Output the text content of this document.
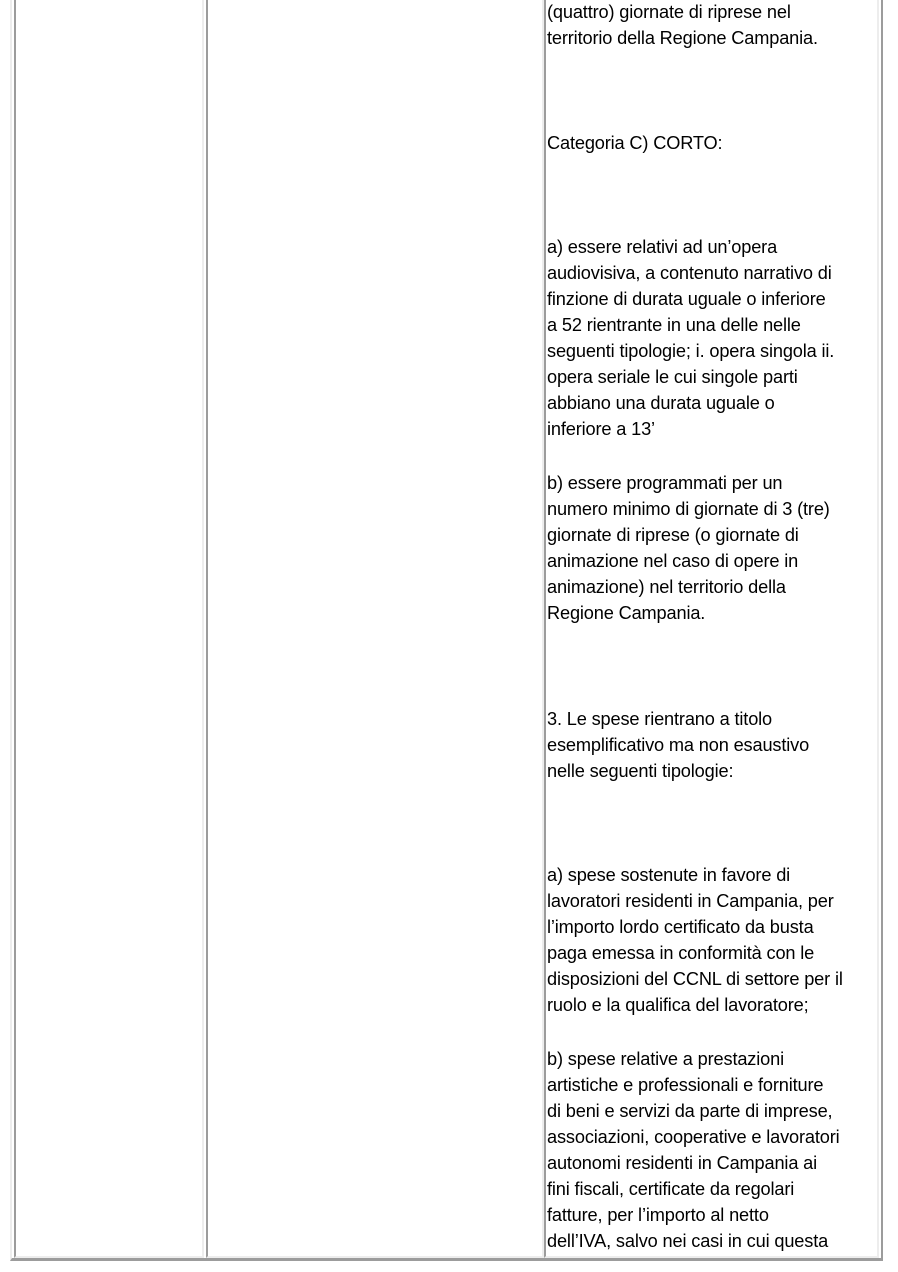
(quattro) giornate di riprese nel
territorio della Regione Campania.
Categoria C) CORTO:
a) essere relativi ad un’opera
audiovisiva, a contenuto narrativo di
finzione di durata uguale o inferiore
a 52 rientrante in una delle nelle
seguenti tipologie; i. opera singola ii.
opera seriale le cui singole parti
abbiano una durata uguale o
inferiore a 13’
b) essere programmati per un
numero minimo di giornate di 3 (tre)
giornate di riprese (o giornate di
animazione nel caso di opere in
animazione) nel territorio della
Regione Campania.
3. Le spese rientrano a titolo
esemplificativo ma non esaustivo
nelle seguenti tipologie:
a) spese sostenute in favore di
lavoratori residenti in Campania, per
l’importo lordo certificato da busta
paga emessa in conformità con le
disposizioni del CCNL di settore per il
ruolo e la qualifica del lavoratore;
b) spese relative a prestazioni
artistiche e professionali e forniture
di beni e servizi da parte di imprese,
associazioni, cooperative e lavoratori
autonomi residenti in Campania ai
fini fiscali, certificate da regolari
fatture, per l’importo al netto
dell’IVA, salvo nei casi in cui questa
